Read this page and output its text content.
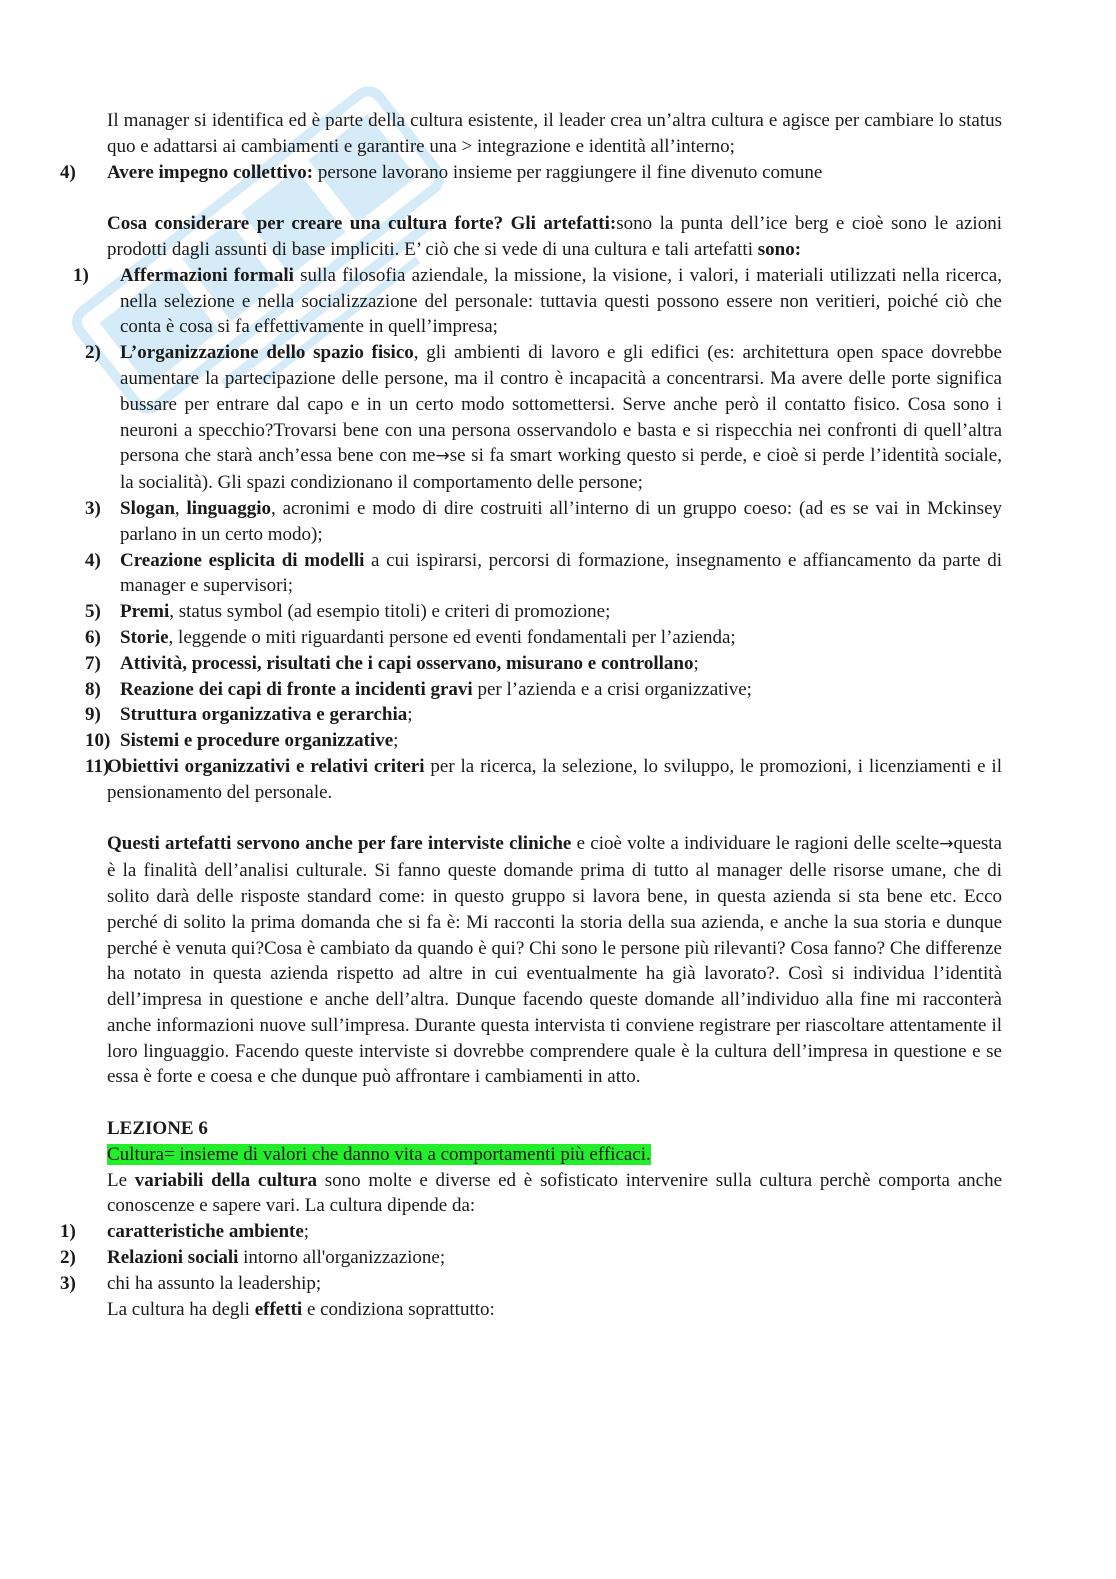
Il manager si identifica ed è parte della cultura esistente, il leader crea un’altra cultura e agisce per cambiare lo status quo e adattarsi ai cambiamenti e garantire una > integrazione e identità all’interno;

4) Avere impegno collettivo: persone lavorano insieme per raggiungere il fine divenuto comune

Cosa considerare per creare una cultura forte? Gli artefatti:sono la punta dell’ice berg e cioè sono le azioni prodotti dagli assunti di base impliciti. E’ ciò che si vede di una cultura e tali artefatti sono:

1) Affermazioni formali sulla filosofia aziendale, la missione, la visione, i valori, i materiali utilizzati nella ricerca, nella selezione e nella socializzazione del personale: tuttavia questi possono essere non veritieri, poiché ciò che conta è cosa si fa effettivamente in quell’impresa;

2) L’organizzazione dello spazio fisico, gli ambienti di lavoro e gli edifici (es: architettura open space dovrebbe aumentare la partecipazione delle persone, ma il contro è incapacità a concentrarsi. Ma avere delle porte significa bussare per entrare dal capo e in un certo modo sottomettersi. Serve anche però il contatto fisico. Cosa sono i neuroni a specchio?Trovarsi bene con una persona osservandolo e basta e si rispecchia nei confronti di quell’altra persona che starà anch’essa bene con me→se si fa smart working questo si perde, e cioè si perde l’identità sociale, la socialità). Gli spazi condizionano il comportamento delle persone;

3) Slogan, linguaggio, acronimi e modo di dire costruiti all’interno di un gruppo coeso: (ad es se vai in Mckinsey parlano in un certo modo);

4) Creazione esplicita di modelli a cui ispirarsi, percorsi di formazione, insegnamento e affiancamento da parte di manager e supervisori;

5) Premi, status symbol (ad esempio titoli) e criteri di promozione;

6) Storie, leggende o miti riguardanti persone ed eventi fondamentali per l’azienda;

7) Attività, processi, risultati che i capi osservano, misurano e controllano;

8) Reazione dei capi di fronte a incidenti gravi per l’azienda e a crisi organizzative;

9) Struttura organizzativa e gerarchia;

10) Sistemi e procedure organizzative;

11)
Obiettivi organizzativi e relativi criteri per la ricerca, la selezione, lo sviluppo, le promozioni, i licenziamenti e il pensionamento del personale.

Questi artefatti servono anche per fare interviste cliniche e cioè volte a individuare le ragioni delle scelte→questa è la finalità dell’analisi culturale. Si fanno queste domande prima di tutto al manager delle risorse umane, che di solito darà delle risposte standard come: in questo gruppo si lavora bene, in questa azienda si sta bene etc. Ecco perché di solito la prima domanda che si fa è: Mi racconti la storia della sua azienda, e anche la sua storia e dunque perché è venuta qui?Cosa è cambiato da quando è qui? Chi sono le persone più rilevanti? Cosa fanno? Che differenze ha notato in questa azienda rispetto ad altre in cui eventualmente ha già lavorato?. Così si individua l’identità dell’impresa in questione e anche dell’altra. Dunque facendo queste domande all’individuo alla fine mi racconterà anche informazioni nuove sull’impresa. Durante questa intervista ti conviene registrare per riascoltare attentamente il loro linguaggio. Facendo queste interviste si dovrebbe comprendere quale è la cultura dell’impresa in questione e se essa è forte e coesa e che dunque può affrontare i cambiamenti in atto.

LEZIONE 6

Cultura= insieme di valori che danno vita a comportamenti più efficaci.

Le variabili della cultura sono molte e diverse ed è sofisticato intervenire sulla cultura perchè comporta anche conoscenze e sapere vari. La cultura dipende da:

1) caratteristiche ambiente;

2) Relazioni sociali intorno all'organizzazione;

3) chi ha assunto la leadership;

La cultura ha degli effetti e condiziona soprattutto:
